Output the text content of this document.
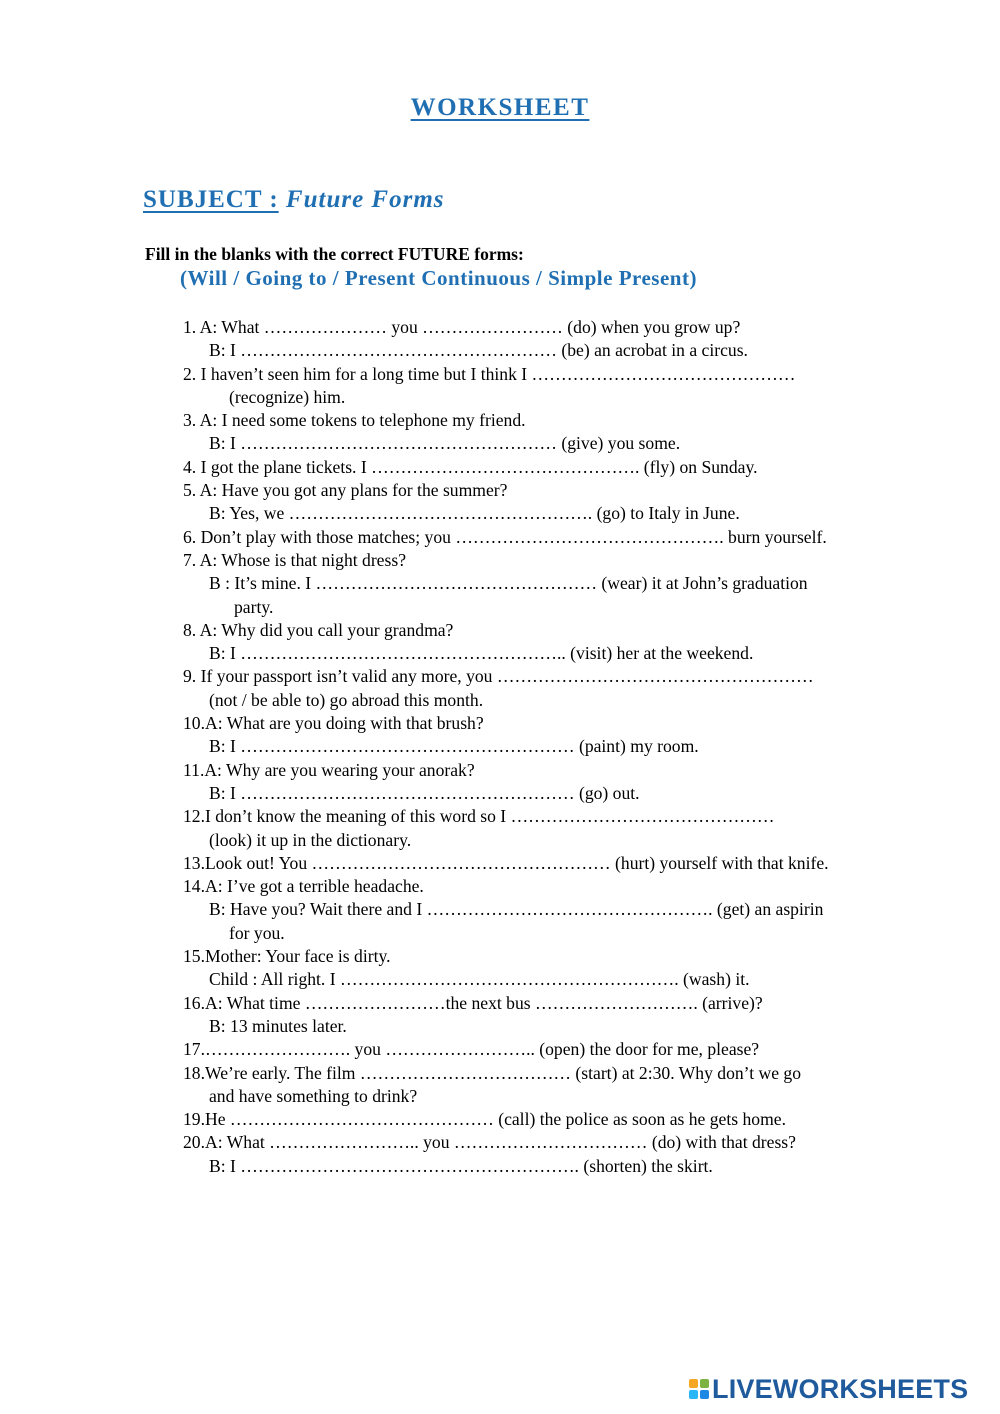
WORKSHEET
SUBJECT : Future Forms
Fill in the blanks with the correct FUTURE forms:
(Will / Going to / Present Continuous / Simple Present)
1. A: What ………………… you …………………… (do) when you grow up?
B: I ……………………………………………… (be) an acrobat in a circus.
2. I haven’t seen him for a long time but I think I ………………………………………
(recognize) him.
3. A: I need some tokens to telephone my friend.
B: I ……………………………………………… (give) you some.
4. I got the plane tickets. I ………………………………………. (fly) on Sunday.
5. A: Have you got any plans for the summer?
B: Yes, we ……………………………………………. (go) to Italy in June.
6. Don’t play with those matches; you ………………………………………. burn yourself.
7. A: Whose is that night dress?
B : It’s mine. I ………………………………………… (wear) it at John’s graduation
party.
8. A: Why did you call your grandma?
B: I ……………………………………………….. (visit) her at the weekend.
9. If your passport isn’t valid any more, you ………………………………………………
(not / be able to) go abroad this month.
10.A: What are you doing with that brush?
B: I ………………………………………………… (paint) my room.
11.A: Why are you wearing your anorak?
B: I ………………………………………………… (go) out.
12.I don’t know the meaning of this word so I ………………………………………
(look) it up in the dictionary.
13.Look out! You …………………………………………… (hurt) yourself with that knife.
14.A: I’ve got a terrible headache.
B: Have you? Wait there and I …………………………………………. (get) an aspirin
for you.
15.Mother: Your face is dirty.
Child : All right. I …………………………………………………. (wash) it.
16.A: What time ……………………the next bus ………………………. (arrive)?
B: 13 minutes later.
17.……………………. you …………………….. (open) the door for me, please?
18.We’re early. The film ……………………………… (start) at 2:30. Why don’t we go
and have something to drink?
19.He ……………………………………… (call) the police as soon as he gets home.
20.A: What …………………….. you …………………………… (do) with that dress?
B: I …………………………………………………. (shorten) the skirt.
LIVEWORKSHEETS
